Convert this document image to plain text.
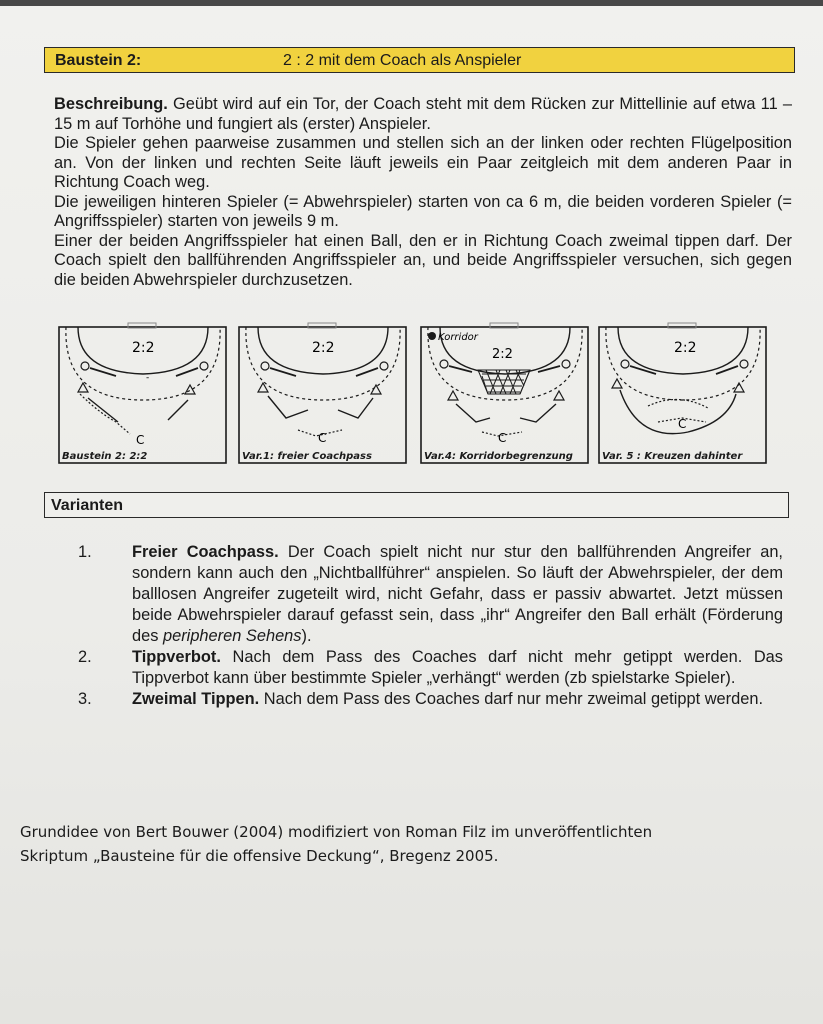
Baustein 2:	2 : 2 mit dem Coach als Anspieler

Beschreibung. Geübt wird auf ein Tor, der Coach steht mit dem Rücken zur Mittellinie auf etwa 11 – 15 m auf Torhöhe und fungiert als (erster) Anspieler.

Die Spieler gehen paarweise zusammen und stellen sich an der linken oder rechten Flügelposition an. Von der linken und rechten Seite läuft jeweils ein Paar zeitgleich mit dem anderen Paar in Richtung Coach weg.

Die jeweiligen hinteren Spieler (= Abwehrspieler) starten von ca 6 m, die beiden vorderen Spieler (= Angriffsspieler) starten von jeweils 9 m.

Einer der beiden Angriffsspieler hat einen Ball, den er in Richtung Coach zweimal tippen darf. Der Coach spielt den ballführenden Angriffsspieler an, und beide Angriffsspieler versuchen, sich gegen die beiden Abwehrspieler durchzusetzen.

-
2:2
C
Baustein 2: 2:2
2:2
C
Var.1: freier Coachpass
Korridor
2:2
C
Var.4: Korridorbegrenzung
2:2
C
Var. 5 : Kreuzen dahinter
Varianten
1. Freier Coachpass. Der Coach spielt nicht nur stur den ballführenden Angreifer an, sondern kann auch den „Nichtballführer“ anspielen. So läuft der Abwehrspieler, der dem balllosen Angreifer zugeteilt wird, nicht Gefahr, dass er passiv abwartet. Jetzt müssen beide Abwehrspieler darauf gefasst sein, dass „ihr“ Angreifer den Ball erhält (Förderung des peripheren Sehens).
2. Tippverbot. Nach dem Pass des Coaches darf nicht mehr getippt werden. Das Tippverbot kann über bestimmte Spieler „verhängt“ werden (zb spielstarke Spieler).
3. Zweimal Tippen. Nach dem Pass des Coaches darf nur mehr zweimal getippt werden.

Grundidee von Bert Bouwer (2004) modifiziert von Roman Filz im unveröffentlichten

Skriptum „Bausteine für die offensive Deckung“, Bregenz 2005.
